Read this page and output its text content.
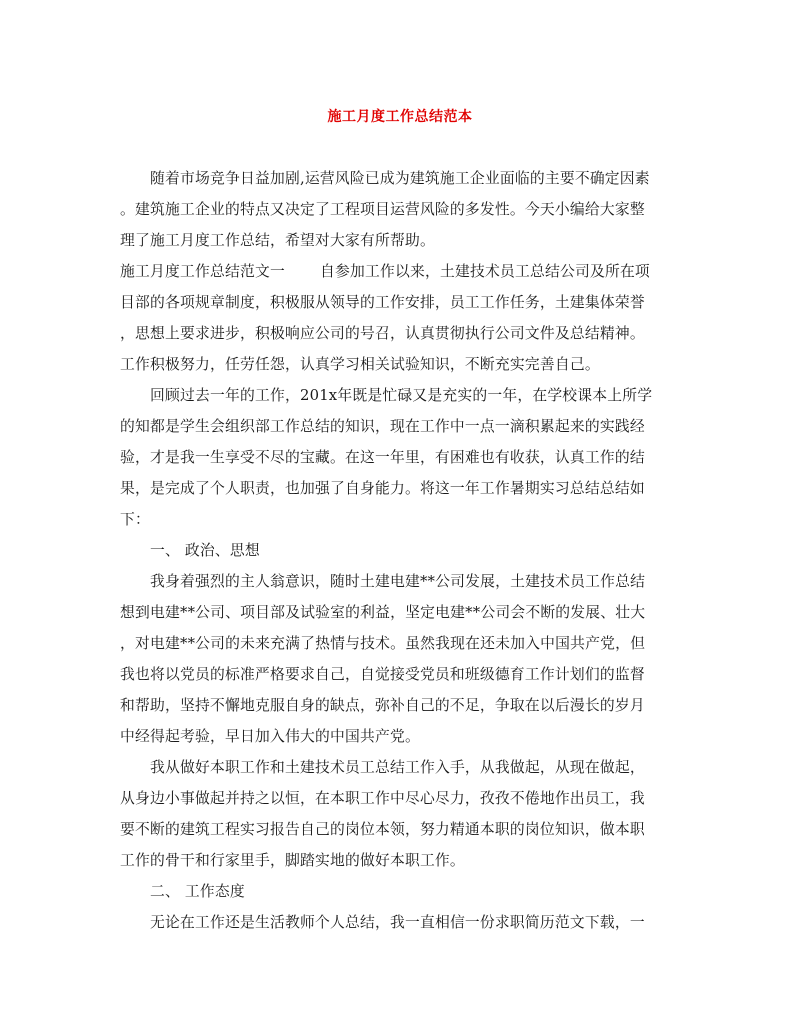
施工月度工作总结范本
随着市场竞争日益加剧,运营风险已成为建筑施工企业面临的主要不确定因素
。建筑施工企业的特点又决定了工程项目运营风险的多发性。今天小编给大家整
理了施工月度工作总结，希望对大家有所帮助。
施工月度工作总结范文一 自参加工作以来，土建技术员工总结公司及所在项
目部的各项规章制度，积极服从领导的工作安排，员工工作任务，土建集体荣誉
，思想上要求进步，积极响应公司的号召，认真贯彻执行公司文件及总结精神。
工作积极努力，任劳任怨，认真学习相关试验知识，不断充实完善自己。
回顾过去一年的工作，201x年既是忙碌又是充实的一年，在学校课本上所学
的知都是学生会组织部工作总结的知识，现在工作中一点一滴积累起来的实践经
验，才是我一生享受不尽的宝藏。在这一年里，有困难也有收获，认真工作的结
果，是完成了个人职责，也加强了自身能力。将这一年工作暑期实习总结总结如
下：
一、 政治、思想
我身着强烈的主人翁意识，随时土建电建**公司发展，土建技术员工作总结
想到电建**公司、项目部及试验室的利益，坚定电建**公司会不断的发展、壮大
，对电建**公司的未来充满了热情与技术。虽然我现在还未加入中国共产党，但
我也将以党员的标准严格要求自己，自觉接受党员和班级德育工作计划们的监督
和帮助，坚持不懈地克服自身的缺点，弥补自己的不足，争取在以后漫长的岁月
中经得起考验，早日加入伟大的中国共产党。
我从做好本职工作和土建技术员工总结工作入手，从我做起，从现在做起，
从身边小事做起并持之以恒，在本职工作中尽心尽力，孜孜不倦地作出员工，我
要不断的建筑工程实习报告自己的岗位本领，努力精通本职的岗位知识，做本职
工作的骨干和行家里手，脚踏实地的做好本职工作。
二、 工作态度
无论在工作还是生活教师个人总结，我一直相信一份求职简历范文下载，一
